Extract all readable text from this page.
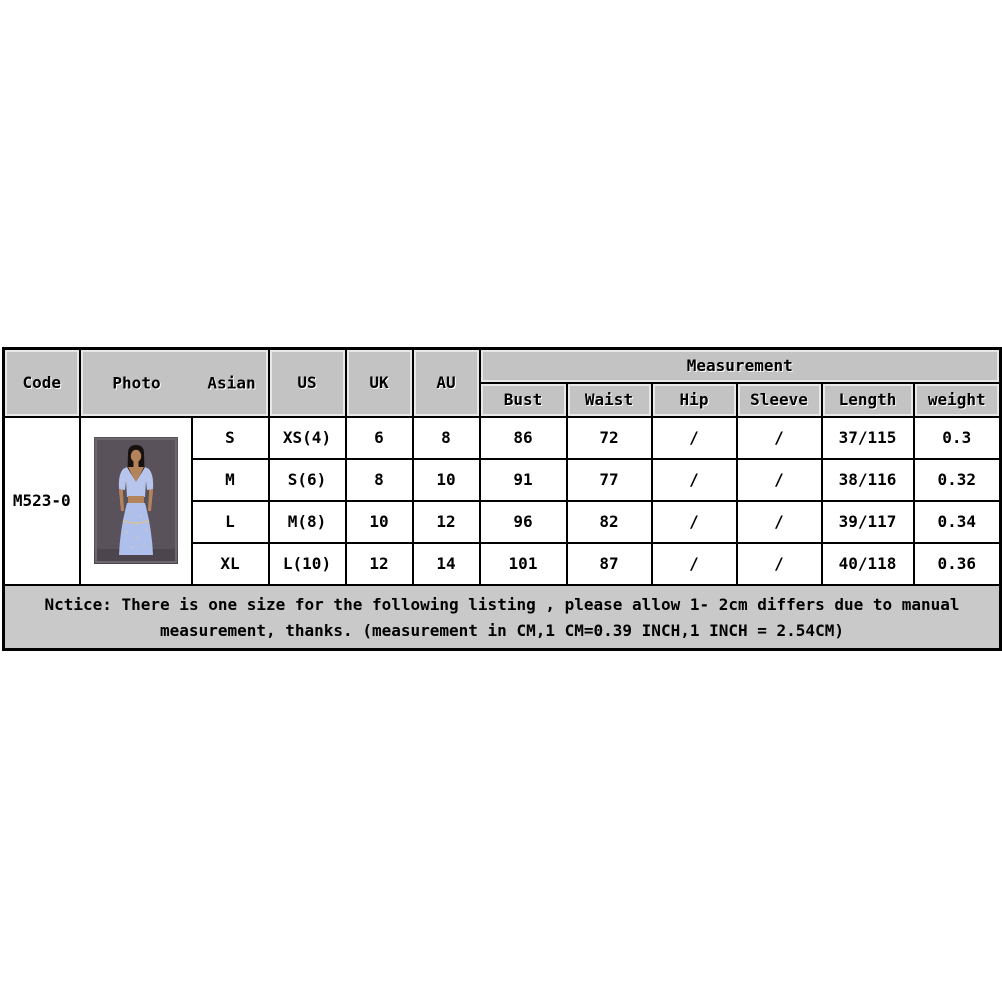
Code	Photo Asian		US	UK	AU	Measurement					
						Bust	Waist	Hip	Sleeve	Length	weight
M523-0		S	XS(4)	6	8	86	72	/	/	37/115	0.3
		M	S(6)	8	10	91	77	/	/	38/116	0.32
		L	M(8)	10	12	96	82	/	/	39/117	0.34
		XL	L(10)	12	14	101	87	/	/	40/118	0.36
Nctice: There is one size for the following listing , please allow 1- 2cm differs due to manual measurement, thanks. (measurement in CM,1 CM=0.39 INCH,1 INCH = 2.54CM)											
